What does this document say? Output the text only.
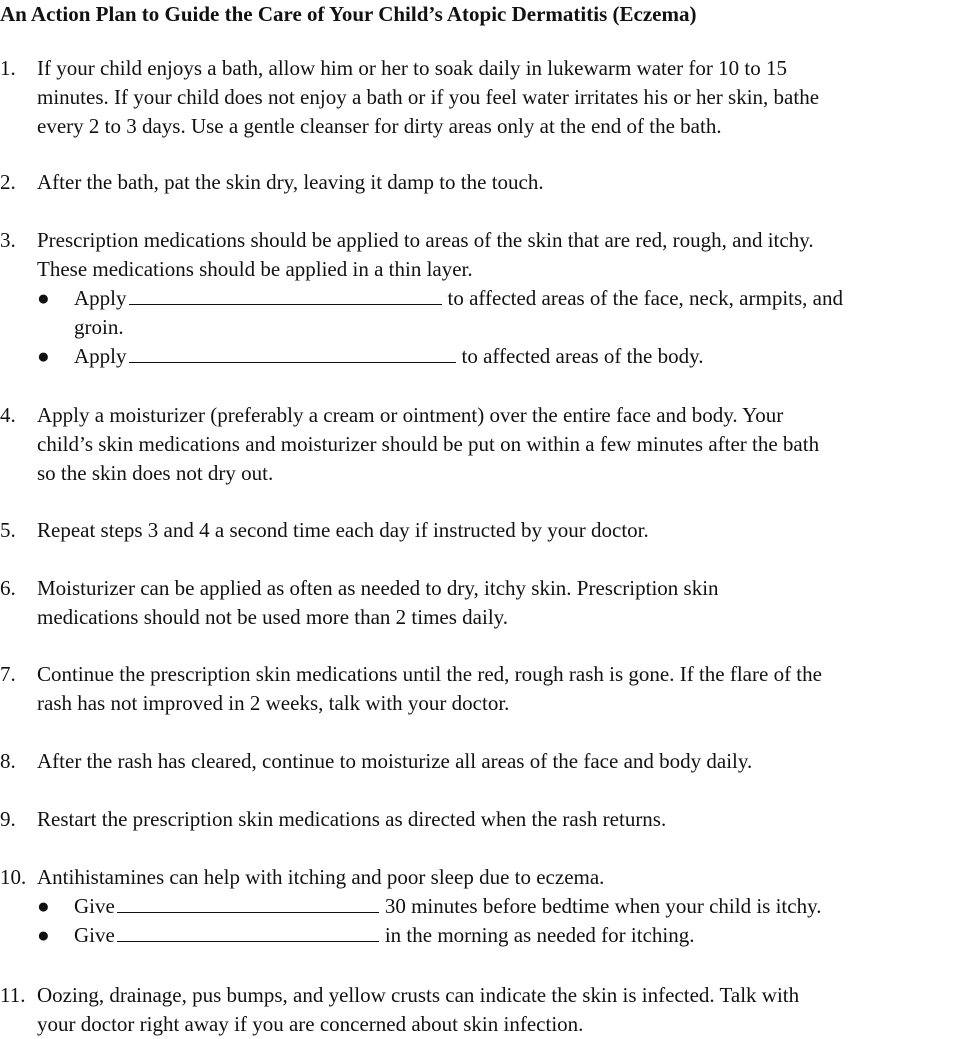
An Action Plan to Guide the Care of Your Child’s Atopic Dermatitis (Eczema)
1. If your child enjoys a bath, allow him or her to soak daily in lukewarm water for 10 to 15
minutes. If your child does not enjoy a bath or if you feel water irritates his or her skin, bathe
every 2 to 3 days. Use a gentle cleanser for dirty areas only at the end of the bath.
2. After the bath, pat the skin dry, leaving it damp to the touch.
3. Prescription medications should be applied to areas of the skin that are red, rough, and itchy.
These medications should be applied in a thin layer.
● Apply	to affected areas of the face, neck, armpits, and
groin.
● Apply	to affected areas of the body.
4. Apply a moisturizer (preferably a cream or ointment) over the entire face and body. Your
child’s skin medications and moisturizer should be put on within a few minutes after the bath
so the skin does not dry out.
5. Repeat steps 3 and 4 a second time each day if instructed by your doctor.
6. Moisturizer can be applied as often as needed to dry, itchy skin. Prescription skin
medications should not be used more than 2 times daily.
7. Continue the prescription skin medications until the red, rough rash is gone. If the flare of the
rash has not improved in 2 weeks, talk with your doctor.
8. After the rash has cleared, continue to moisturize all areas of the face and body daily.
9. Restart the prescription skin medications as directed when the rash returns.
10. Antihistamines can help with itching and poor sleep due to eczema.
● Give	30 minutes before bedtime when your child is itchy.
● Give	in the morning as needed for itching.
11. Oozing, drainage, pus bumps, and yellow crusts can indicate the skin is infected. Talk with
your doctor right away if you are concerned about skin infection.
